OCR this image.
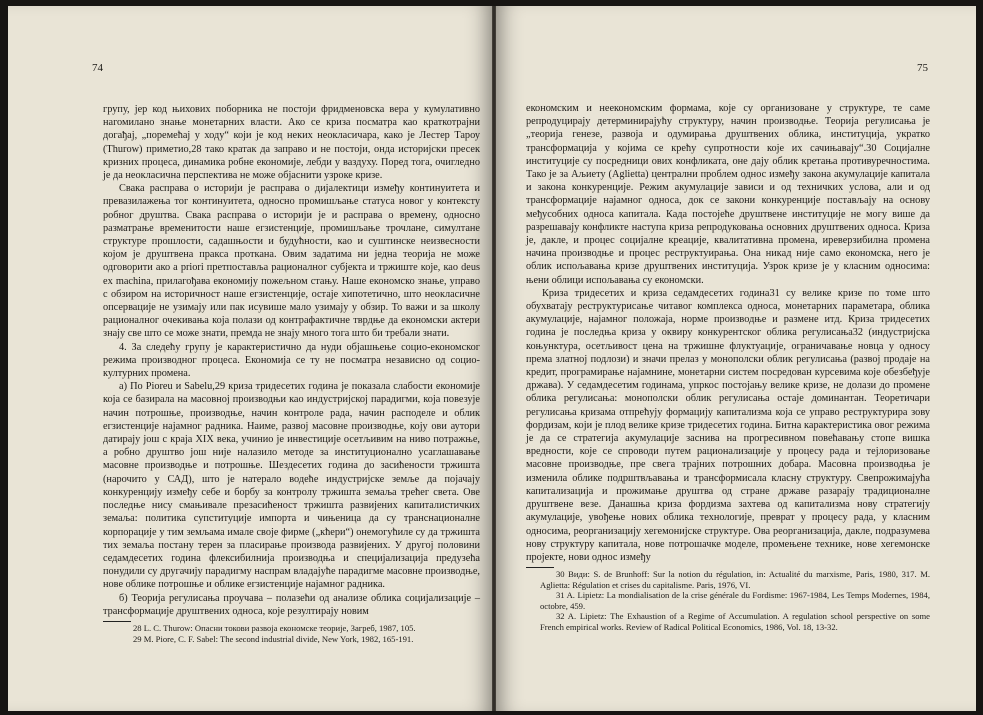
74

групу, јер код њихових поборника не постоји фридменовска вера у кумулативно нагомилано знање монетарних власти. Ако се криза посматра као краткотрајни догађај, „поремећај у ходу“ који је код неких неокласичара, како је Лестер Тароу (Thurow) приметио,28 тако кратак да заправо и не постоји, онда историјски пресек кризних процеса, динамика робне економије, лебди у ваздуху. Поред тога, очигледно је да неокласична перспектива не може објаснити узроке кризе.

Свака расправа о историји је расправа о дијалектици између континуитета и превазилажења тог континуитета, односно промишљање статуса новог у контексту робног друштва. Свака расправа о историји је и расправа о времену, односно разматрање временитости наше егзистенције, промишљање трочлане, симултане структуре прошлости, садашњости и будућности, као и суштинске неизвесности којом је друштвена пракса проткана. Овим задатима ни једна теорија не може одговорити ако а priori претпоставља рационалног субјекта и тржиште које, као deus ex machina, прилагођава економију пожељном стању. Наше економско знање, управо с обзиром на историчност наше егзистенције, остаје хипотетичнo, што неокласичне опсервације не узимају или пак исувише мало узимају у обзир. То важи и за школу рационалног очекивања која полази од контрафактичне тврдње да економски актери знају све што се може знати, премда не знају много тога што би требали знати.

4. За следећу групу је карактеристично да нуди објашњење социо-економског режима производног процеса. Економија се ту не посматра независно од социо-културних промена.

а) По Pioreu и Sabelu,29 криза тридесетих година је показала слабости економије која се базирала на масовној производњи као индустријској парадигми, која повезује начин потрошње, производње, начин контроле рада, начин расподеле и облик егзистенције најамног радника. Наиме, развој масовне производње, коју ови аутори датирају још с краја XIX века, учинио је инвестиције осетљивим на ниво потражње, а робно друштво још није налазило методе за институционално усаглашавање масовне производње и потрошње. Шездесетих година до засићености тржишта (нарочито у САД), што је натерало водеће индустријске земље да појачају конкуренцију између себе и борбу за контролу тржишта земаља трећег света. Ове последње нису смањивале презасићеност тржишта развијених капиталистичких земаља: политика супституције импорта и чињеница да су транснационалне корпорације у тим земљама имале своје фирме („кћери“) онемогућиле су да тржишта тих земаља постану терен за пласирање производа развијених. У другој половини седамдесетих година флексибилнија производња и специјализација предузећа понудили су другачију парадигму наспрам владајуће парадигме масовне производње, нове облике потрошње и облике егзистенције најамног радника.

б) Теорија регулисања проучава – полазећи од анализе облика социјализације – трансформације друштвених односа, које резултирају новим

28 L. C. Thurow: Опасни токови развоја економске теорије, Загреб, 1987, 105.

29 M. Piore, C. F. Sabel: The second industrial divide, New York, 1982, 165-191.

75

економским и неекономским формама, које су организоване у структуре, те саме репродуцирају детерминирајућу структуру, начин производње. Теорија регулисања је „теорија генезе, развоја и одумирања друштвених облика, институција, укратко трансформација у којима се крећу супротности које их сачињавају“.30 Социјалне институције су посредници ових конфликата, оне дају облик кретања противуречностима. Тако је за Аљиету (Aglietta) централни проблем однос између закона акумулације капитала и закона конкуренције. Режим акумулације зависи и од техничких услова, али и од трансформације најамног односа, док се закони конкуренције постављају на основу међусобних односа капитала. Када постојеће друштвене институције не могу више да разрешавају конфликте наступа криза репродуковања основних друштвених односа. Криза је, дакле, и процес социјалне креације, квалитативна промена, иреверзибилна промена начина производње и процес реструктуирања. Она никад није само економска, него је облик испољавања кризе друштвених институција. Узрок кризе је у класним односима: њени облици испољавања су економски.

Криза тридесетих и криза седамдесетих година31 су велике кризе по томе што обухватају реструктурисање читавог комплекса односа, монетарних параметара, облика акумулације, најамног положаја, норме производње и размене итд. Криза тридесетих година је последња криза у оквиру конкурентског облика регулисања32 (индустријска коњунктура, осетљивост цена на тржишне флуктуације, ограничавање новца у односу према златној подлози) и значи прелаз у монополски облик регулисања (развој продаје на кредит, програмирање најамнине, монетарни систем посредован курсевима које обезбеђује држава). У седамдесетим годинама, упркос постојању велике кризе, не долази до промене облика регулисања: монополски облик регулисања остаје доминантан. Теоретичари регулисања кризама отпрећују формацију капитализма која се управо реструктурира зову фордизам, који је плод велике кризе тридесетих година. Битна карактеристика овог режима је да се стратегија акумулације заснива на прогресивном повећавању стопе вишка вредности, које се спроводи путем рационализације у процесу рада и тејлоризовање масовне производње, пре свега трајних потрошних добара. Масовна производња је изменила облике подрштвљавања и трансформисала класну структуру. Свепрожимајућа капитализација и прожимање друштва од стране државе разарају традиционалне друштвене везе. Данашња криза фордизма захтева од капитализма нову стратегију акумулације, увођење нових облика технологије, преврат у процесу рада, у класним односима, реорганизацију хегемонијске структуре. Ова реорганизација, дакле, подразумева нову структуру капитала, нове потрошачке моделе, промењене технике, нове хегемонске пројекте, нови однос између

30 Види: S. de Brunhoff: Sur la notion du régulation, in: Actualité du marxisme, Paris, 1980, 317. M. Aglietta: Régulation et crises du capitalisme. Paris, 1976, VI.

31 A. Lipietz: La mondialisation de la crise générale du Fordisme: 1967-1984, Les Temps Modernes, 1984, octobre, 459.

32 A. Lipietz: The Exhaustion of a Regime of Accumulation. A regulation school perspective on some French empirical works. Review of Radical Political Economics, 1986, Vol. 18, 13-32.
